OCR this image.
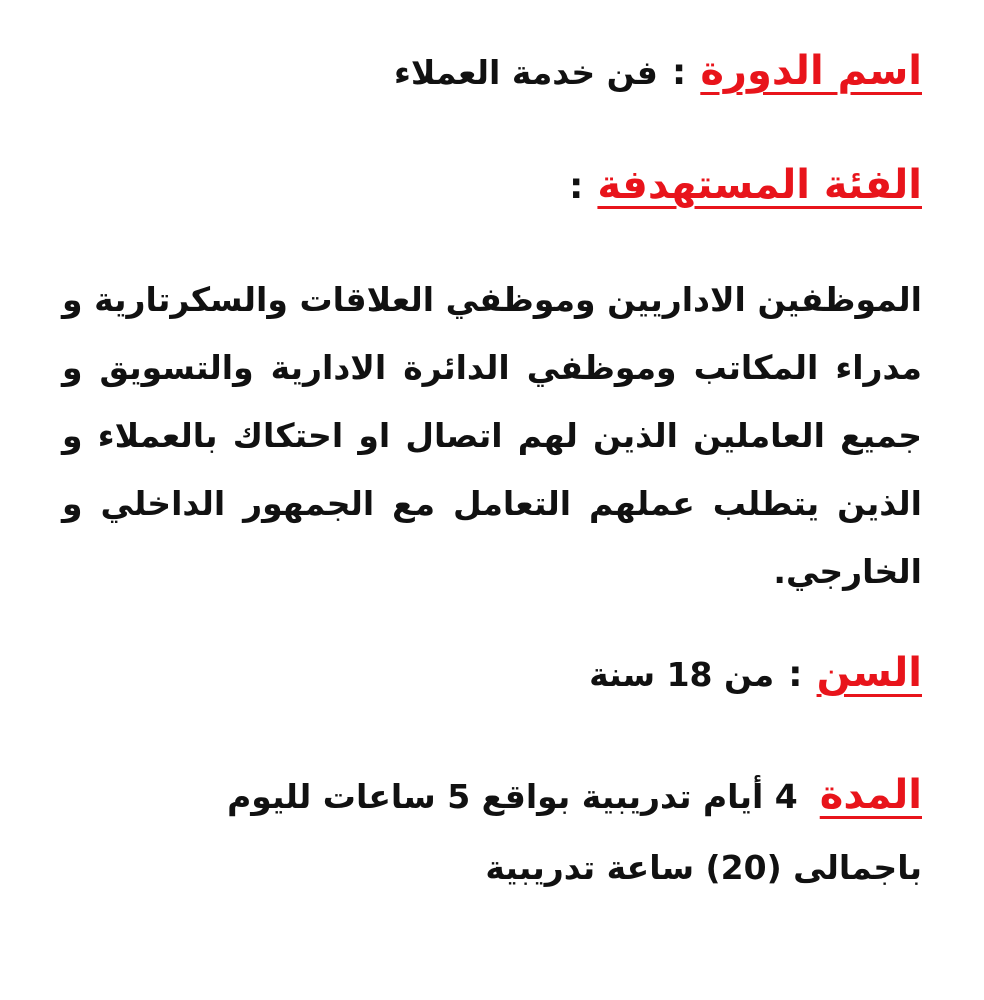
اسم الدورة:فن خدمة العملاء
الفئة المستهدفة:
الموظفين الاداريين وموظفي العلاقات والسكرتارية و
مدراء المكاتب وموظفي الدائرة الادارية والتسويق و
جميع العاملين الذين لهم اتصال او احتكاك بالعملاء و
الذين يتطلب عملهم التعامل مع الجمهور الداخلي و
الخارجي.
السن:من 18 سنة
المدة4 أيام تدريبية بواقع 5 ساعات لليوم
باجمالى (20) ساعة تدريبية
